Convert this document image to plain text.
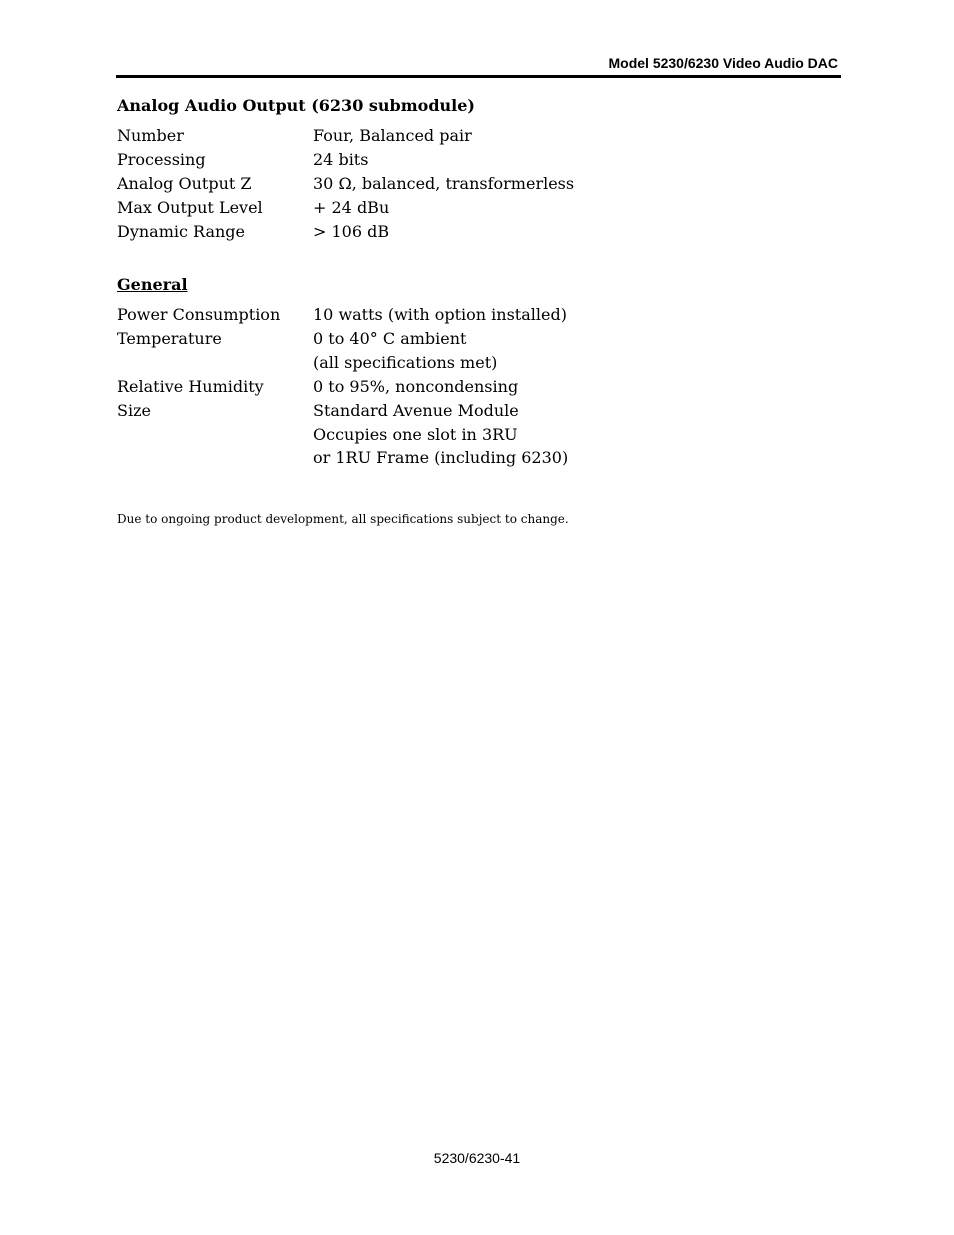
Model 5230/6230 Video Audio DAC
Analog Audio Output (6230 submodule)
Number	Four, Balanced pair
Processing	24 bits
Analog Output Z	30 Ω, balanced, transformerless
Max Output Level	+ 24 dBu
Dynamic Range	> 106 dB
General
Power Consumption	10 watts (with option installed)
Temperature	0 to 40° C ambient
(all specifications met)
Relative Humidity	0 to 95%, noncondensing
Size	Standard Avenue Module
Occupies one slot in 3RU
or 1RU Frame (including 6230)
Due to ongoing product development, all specifications subject to change.
5230/6230-41
